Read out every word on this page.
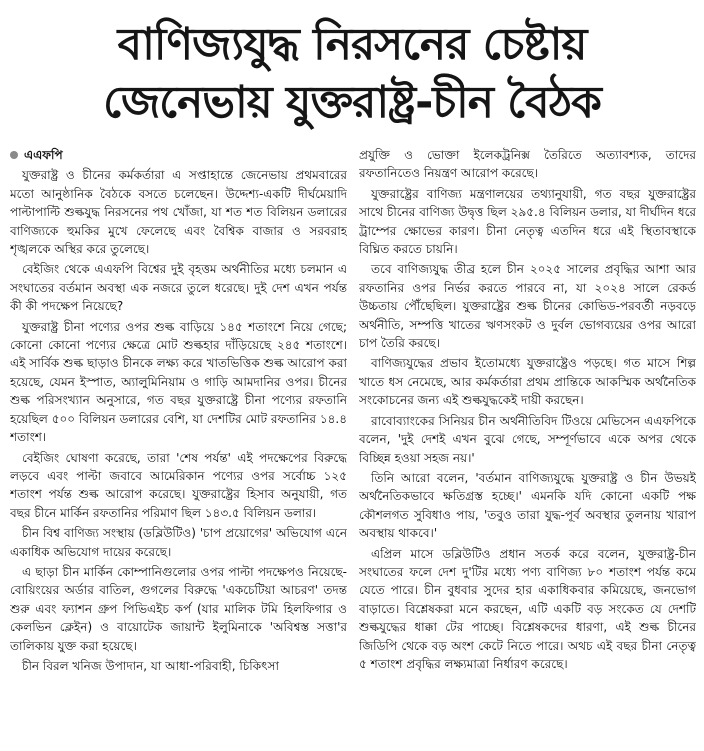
বাণিজ্যযুদ্ধ নিরসনের চেষ্টায়
জেনেভায় যুক্তরাষ্ট্র-চীন বৈঠক
এএফপি

যুক্তরাষ্ট্র ও চীনের কর্মকর্তারা এ সপ্তাহান্তে জেনেভায় প্রথমবারের মতো আনুষ্ঠানিক বৈঠকে বসতে চলেছেন। উদ্দেশ্য-একটি দীর্ঘমেয়াদি পাল্টাপাল্টি শুল্কযুদ্ধ নিরসনের পথ খোঁজা, যা শত শত বিলিয়ন ডলারের বাণিজ্যকে হুমকির মুখে ফেলেছে এবং বৈশ্বিক বাজার ও সরবরাহ শৃঙ্খলকে অস্থির করে তুলেছে।

বেইজিং থেকে এএফপি বিশ্বের দুই বৃহত্তম অর্থনীতির মধ্যে চলমান এ সংঘাতের বর্তমান অবস্থা এক নজরে তুলে ধরেছে। দুই দেশ এখন পর্যন্ত কী কী পদক্ষেপ নিয়েছে?

যুক্তরাষ্ট্র চীনা পণ্যের ওপর শুল্ক বাড়িয়ে ১৪৫ শতাংশে নিয়ে গেছে; কোনো কোনো পণ্যের ক্ষেত্রে মোট শুল্কহার দাঁড়িয়েছে ২৪৫ শতাংশে। এই সার্বিক শুল্ক ছাড়াও চীনকে লক্ষ্য করে খাতভিত্তিক শুল্ক আরোপ করা হয়েছে, যেমন ইস্পাত, অ্যালুমিনিয়াম ও গাড়ি আমদানির ওপর। চীনের শুল্ক পরিসংখ্যান অনুসারে, গত বছর যুক্তরাষ্ট্রে চীনা পণ্যের রফতানি হয়েছিল ৫০০ বিলিয়ন ডলারের বেশি, যা দেশটির মোট রফতানির ১৪.৪ শতাংশ।

বেইজিং ঘোষণা করেছে, তারা 'শেষ পর্যন্ত' এই পদক্ষেপের বিরুদ্ধে লড়বে এবং পাল্টা জবাবে আমেরিকান পণ্যের ওপর সর্বোচ্চ ১২৫ শতাংশ পর্যন্ত শুল্ক আরোপ করেছে। যুক্তরাষ্ট্রের হিসাব অনুযায়ী, গত বছর চীনে মার্কিন রফতানির পরিমাণ ছিল ১৪৩.৫ বিলিয়ন ডলার।

চীন বিশ্ব বাণিজ্য সংস্থায় (ডব্লিউটিও) 'চাপ প্রয়োগের' অভিযোগ এনে একাধিক অভিযোগ দায়ের করেছে।

এ ছাড়া চীন মার্কিন কোম্পানিগুলোর ওপর পাল্টা পদক্ষেপও নিয়েছে- বোয়িংয়ের অর্ডার বাতিল, গুগলের বিরুদ্ধে 'একচেটিয়া আচরণ' তদন্ত শুরু এবং ফ্যাশন গ্রুপ পিভিএইচ কর্প (যার মালিক টমি হিলফিগার ও কেলভিন ক্লেইন) ও বায়োটেক জায়ান্ট ইলুমিনাকে 'অবিশ্বস্ত সত্তা'র তালিকায় যুক্ত করা হয়েছে।

চীন বিরল খনিজ উপাদান, যা আধা-পরিবাহী, চিকিৎসা

প্রযুক্তি ও ভোক্তা ইলেকট্রনিক্স তৈরিতে অত্যাবশ্যক, তাদের রফতানিতেও নিয়ন্ত্রণ আরোপ করেছে।

যুক্তরাষ্ট্রের বাণিজ্য মন্ত্রণালয়ের তথ্যানুযায়ী, গত বছর যুক্তরাষ্ট্রের সাথে চীনের বাণিজ্য উদ্বৃত্ত ছিল ২৯৫.৪ বিলিয়ন ডলার, যা দীর্ঘদিন ধরে ট্রাম্পের ক্ষোভের কারণ। চীনা নেতৃত্ব এতদিন ধরে এই স্থিতাবস্থাকে বিঘ্নিত করতে চায়নি।

তবে বাণিজ্যযুদ্ধ তীব্র হলে চীন ২০২৫ সালের প্রবৃদ্ধির আশা আর রফতানির ওপর নির্ভর করতে পারবে না, যা ২০২৪ সালে রেকর্ড উচ্চতায় পৌঁছেছিল। যুক্তরাষ্ট্রের শুল্ক চীনের কোভিড-পরবর্তী নড়বড়ে অর্থনীতি, সম্পত্তি খাতের ঋণসংকট ও দুর্বল ভোগব্যয়ের ওপর আরো চাপ তৈরি করছে।

বাণিজ্যযুদ্ধের প্রভাব ইতোমধ্যে যুক্তরাষ্ট্রেও পড়ছে। গত মাসে শিল্প খাতে ধস নেমেছে, আর কর্মকর্তারা প্রথম প্রান্তিকে আকস্মিক অর্থনৈতিক সংকোচনের জন্য এই শুল্কযুদ্ধকেই দায়ী করছেন।

রাবোব্যাংকের সিনিয়র চীন অর্থনীতিবিদ টিওয়ে মেভিসেন এএফপিকে বলেন, 'দুই দেশই এখন বুঝে গেছে, সম্পূর্ণভাবে একে অপর থেকে বিচ্ছিন্ন হওয়া সহজ নয়।'

তিনি আরো বলেন, 'বর্তমান বাণিজ্যযুদ্ধে যুক্তরাষ্ট্র ও চীন উভয়ই অর্থনৈতিকভাবে ক্ষতিগ্রস্ত হচ্ছে।' এমনকি যদি কোনো একটি পক্ষ কৌশলগত সুবিধাও পায়, 'তবুও তারা যুদ্ধ-পূর্ব অবস্থার তুলনায় খারাপ অবস্থায় থাকবে।'

এপ্রিল মাসে ডব্লিউটিও প্রধান সতর্ক করে বলেন, যুক্তরাষ্ট্র-চীন সংঘাতের ফলে দেশ দু'টির মধ্যে পণ্য বাণিজ্য ৮০ শতাংশ পর্যন্ত কমে যেতে পারে। চীন বুধবার সুদের হার একাধিকবার কমিয়েছে, জনভোগ বাড়াতে। বিশ্লেষকরা মনে করছেন, এটি একটি বড় সংকেত যে দেশটি শুল্কযুদ্ধের ধাক্কা টের পাচ্ছে। বিশ্লেষকদের ধারণা, এই শুল্ক চীনের জিডিপি থেকে বড় অংশ কেটে নিতে পারে। অথচ এই বছর চীনা নেতৃত্ব ৫ শতাংশ প্রবৃদ্ধির লক্ষ্যমাত্রা নির্ধারণ করেছে।
